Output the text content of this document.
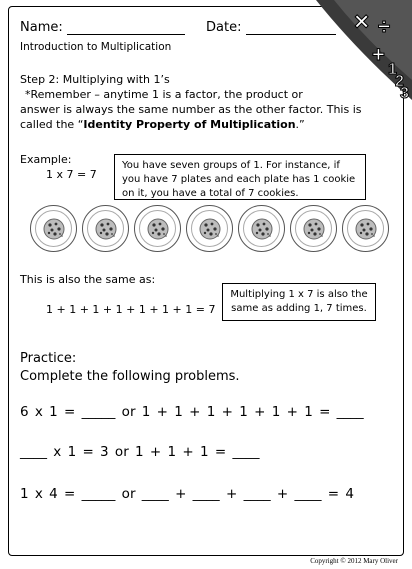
× ÷
+
1
2
3
Name:	Date:
Introduction to Multiplication
Step 2: Multiplying with 1’s
*Remember – anytime 1 is a factor, the product or
answer is always the same number as the other factor. This is
called the “Identity Property of Multiplication.”
Example:
1 x 7 = 7
You have seven groups of 1. For instance, if you have 7 plates and each plate has 1 cookie on it, you have a total of 7 cookies.
This is also the same as:
1 + 1 + 1 + 1 + 1 + 1 + 1 = 7
Multiplying 1 x 7 is also the same as adding 1, 7 times.
Practice:
Complete the following problems.
6 x 1 = _____ or 1 + 1 + 1 + 1 + 1 + 1 = ____
____ x 1 = 3 or 1 + 1 + 1 = ____
1 x 4 = _____ or ____ + ____ + ____ + ____ = 4
Copyright © 2012 Mary Oliver
